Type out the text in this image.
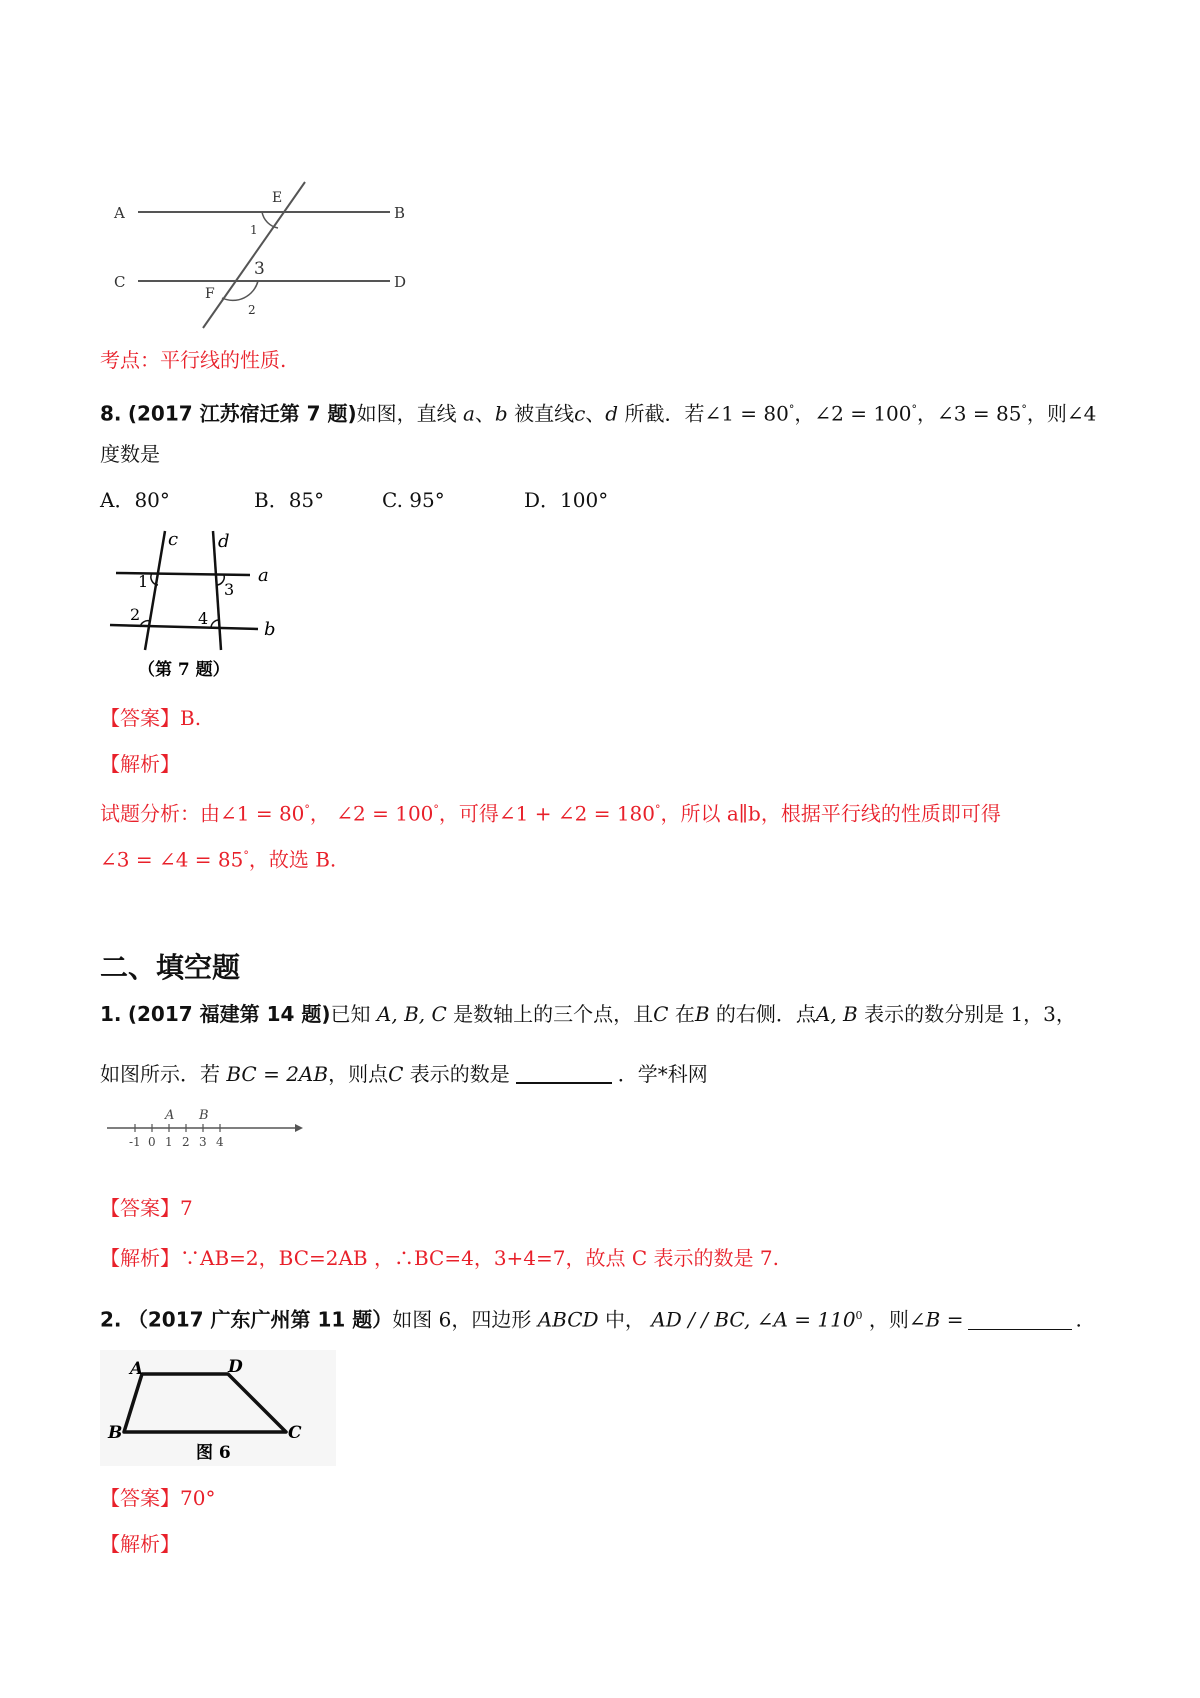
A	B
C	D
E
F
1
3
2
考点：平行线的性质.
8. (2017 江苏宿迁第 7 题)如图，直线 a、b 被直线c、d 所截．若∠1 = 80°，∠2 = 100°，∠3 = 85°，则∠4
度数是
A．80°	B．85°	C. 95°	D．100°
c d
a
b
1	3
2	4
（第 7 题）
【答案】B.
【解析】
试题分析：由∠1 = 80°， ∠2 = 100°，可得∠1 + ∠2 = 180°，所以 a∥b，根据平行线的性质即可得
∠3 = ∠4 = 85°，故选 B.
二、填空题
1. (2017 福建第 14 题)已知 A, B, C 是数轴上的三个点，且C 在B 的右侧．点A, B 表示的数分别是 1，3，
如图所示．若 BC = 2AB，则点C 表示的数是	．学*科网
A B
-1 0 1 2 3 4
【答案】7
【解析】∵AB=2，BC=2AB ，∴BC=4，3+4=7，故点 C 表示的数是 7.
2. （2017 广东广州第 11 题）如图 6，四边形 ABCD 中， AD / / BC, ∠A = $110^0$ ，则∠B =	.
A	D
B	C
图 6
【答案】70°
【解析】
